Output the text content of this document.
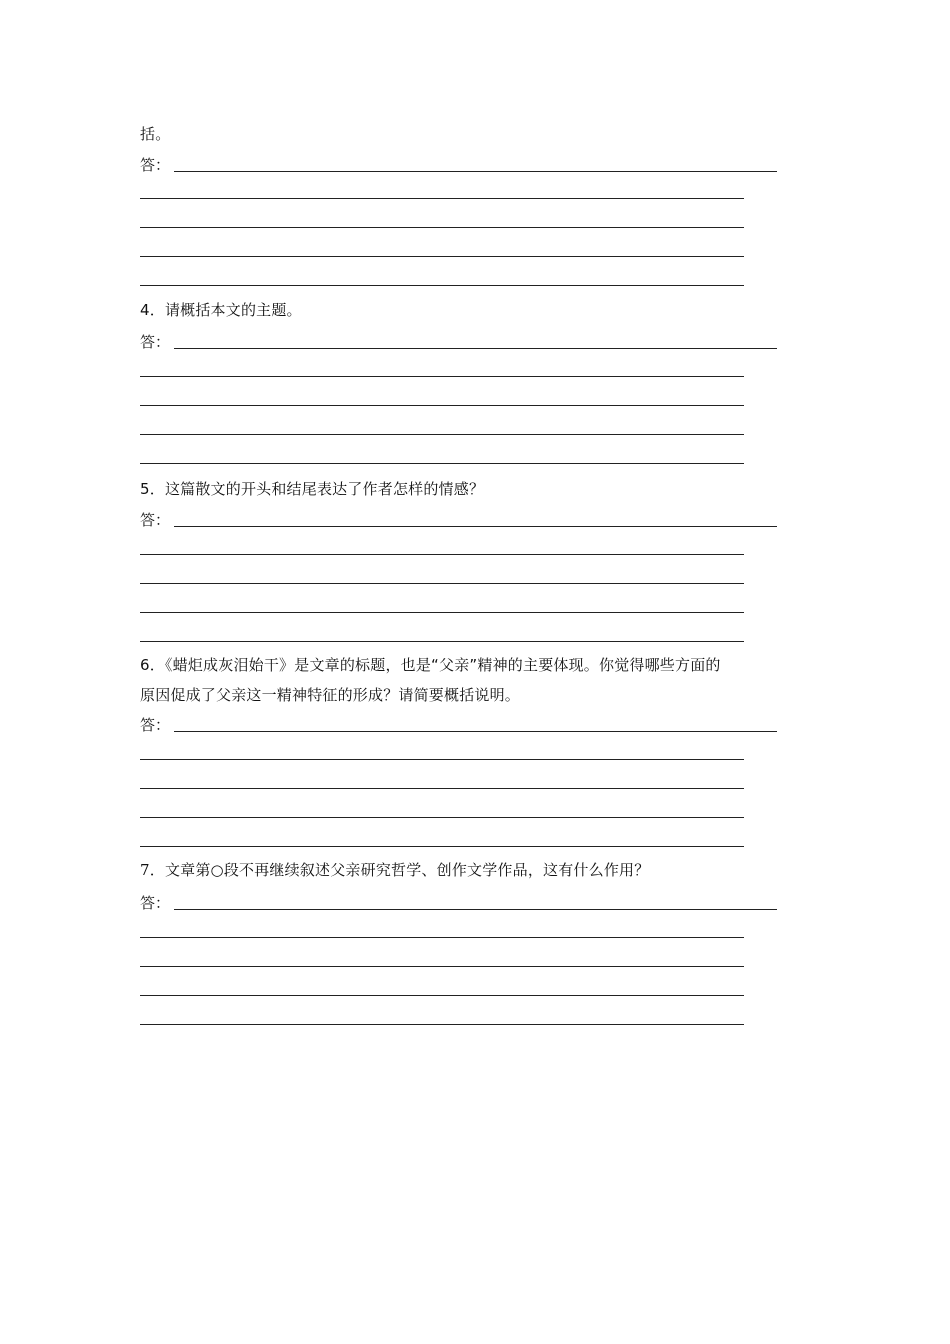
括。
答：
4．请概括本文的主题。
答：
5．这篇散文的开头和结尾表达了作者怎样的情感？
答：
6．《蜡炬成灰泪始干》是文章的标题，也是“父亲”精神的主要体现。你觉得哪些方面的
原因促成了父亲这一精神特征的形成？请简要概括说明。
答：
7．文章第○段不再继续叙述父亲研究哲学、创作文学作品，这有什么作用？
答：
